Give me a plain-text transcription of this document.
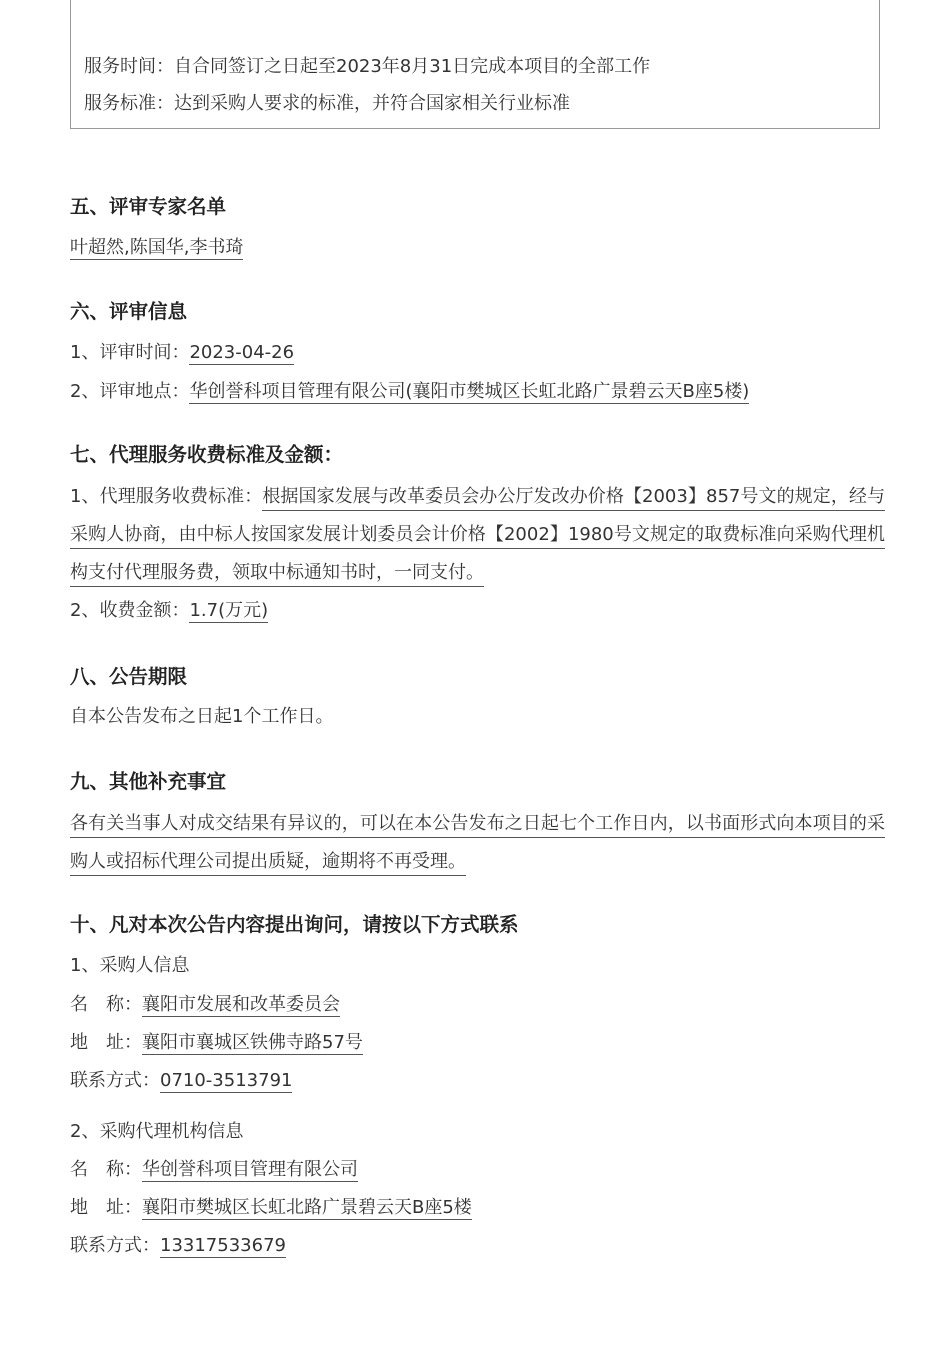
服务时间：自合同签订之日起至2023年8月31日完成本项目的全部工作
服务标准：达到采购人要求的标准，并符合国家相关行业标准
五、评审专家名单
叶超然,陈国华,李书琦
六、评审信息
1、评审时间：2023-04-26
2、评审地点：华创誉科项目管理有限公司(襄阳市樊城区长虹北路广景碧云天B座5楼)
七、代理服务收费标准及金额：
1、代理服务收费标准：根据国家发展与改革委员会办公厅发改办价格【2003】857号文的规定，经与采购人协商，由中标人按国家发展计划委员会计价格【2002】1980号文规定的取费标准向采购代理机构支付代理服务费，领取中标通知书时，一同支付。
2、收费金额：1.7(万元)
八、公告期限
自本公告发布之日起1个工作日。
九、其他补充事宜
各有关当事人对成交结果有异议的，可以在本公告发布之日起七个工作日内，以书面形式向本项目的采购人或招标代理公司提出质疑，逾期将不再受理。
十、凡对本次公告内容提出询问，请按以下方式联系
1、采购人信息
名　称：襄阳市发展和改革委员会
地　址：襄阳市襄城区铁佛寺路57号
联系方式：0710-3513791
2、采购代理机构信息
名　称：华创誉科项目管理有限公司
地　址：襄阳市樊城区长虹北路广景碧云天B座5楼
联系方式：13317533679
